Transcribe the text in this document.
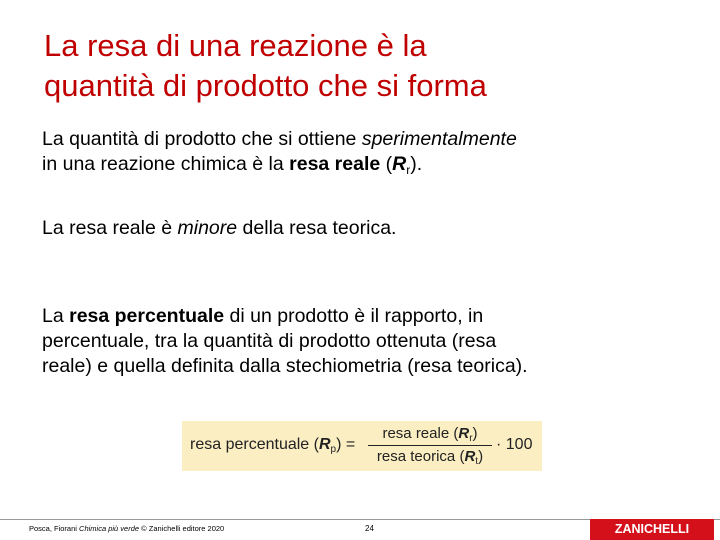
La resa di una reazione è la
quantità di prodotto che si forma
La quantità di prodotto che si ottiene sperimentalmente
in una reazione chimica è la resa reale $(R_r)$.
La resa reale è minore della resa teorica.
La resa percentuale di un prodotto è il rapporto, in
percentuale, tra la quantità di prodotto ottenuta (resa
reale) e quella definita dalla stechiometria (resa teorica).
resa percentuale $(R_p)$ =
resa reale $(R_r)$
resa teorica $(R_t)$
· 100
Posca, Fiorani Chimica più verde © Zanichelli editore 2020	24	ZANICHELLI
